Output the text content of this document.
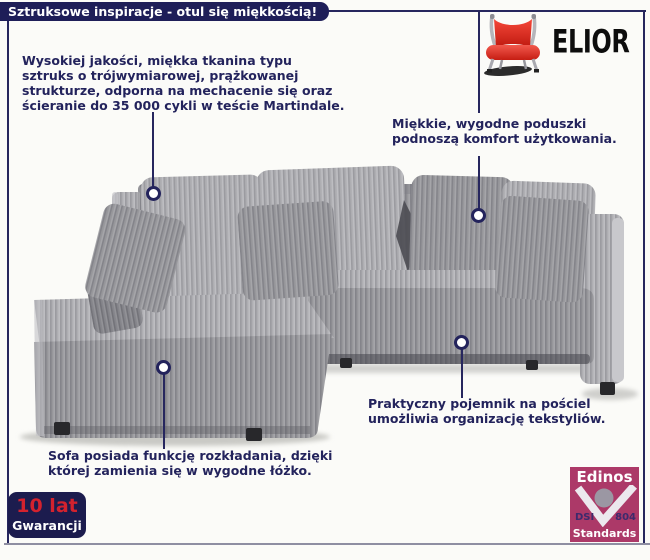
Sztruksowe inspiracje - otul się miękkością!
Wysokiej jakości, miękka tkanina typu
sztruks o trójwymiarowej, prążkowanej
strukturze, odporna na mechacenie się oraz
ścieranie do 35 000 cykli w teście Martindale.
Miękkie, wygodne poduszki
podnoszą komfort użytkowania.
Praktyczny pojemnik na pościel
umożliwia organizację tekstyliów.
Sofa posiada funkcję rozkładania, dzięki
której zamienia się w wygodne łóżko.
10 lat
Gwarancji
Edinos
DSI 804
Standards
ELIOR
